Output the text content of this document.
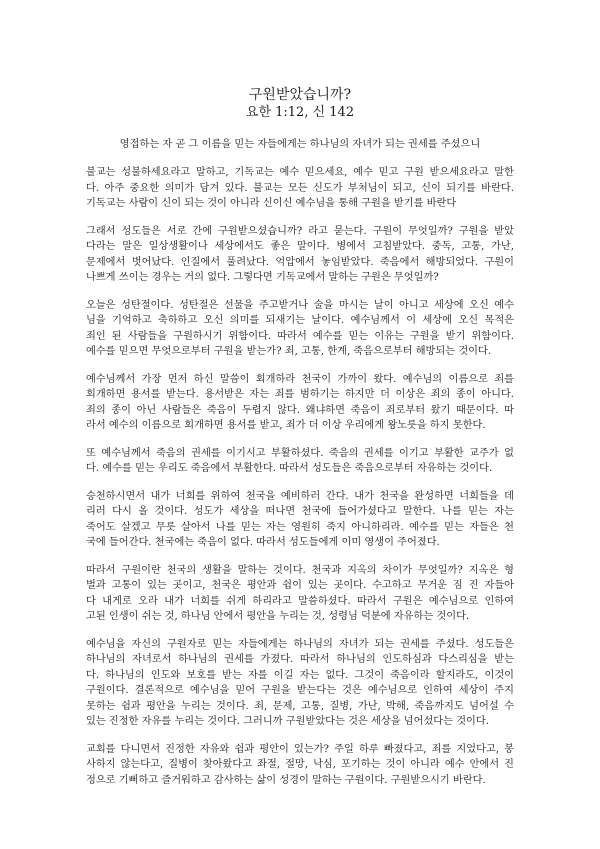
구원받았습니까?
요한 1:12, 신 142
영접하는 자 곧 그 이름을 믿는 자들에게는 하나님의 자녀가 되는 권세를 주셨으니
불교는 성불하세요라고 말하고, 기독교는 예수 믿으세요, 예수 믿고 구원 받으세요라고 말한
다. 아주 중요한 의미가 담겨 있다. 불교는 모든 신도가 부처님이 되고, 신이 되기를 바란다.
기독교는 사람이 신이 되는 것이 아니라 신이신 예수님을 통해 구원을 받기를 바란다
그래서 성도들은 서로 간에 구원받으셨습니까? 라고 묻는다. 구원이 무엇일까? 구원을 받았
다라는 말은 일상생활이나 세상에서도 좋은 말이다. 병에서 고침받았다. 중독, 고통, 가난,
문제에서 벗어났다. 인질에서 풀려났다. 억압에서 놓임받았다. 죽음에서 해방되었다. 구원이
나쁘게 쓰이는 경우는 거의 없다. 그렇다면 기독교에서 말하는 구원은 무엇일까?
오늘은 성탄절이다. 성탄절은 선물을 주고받거나 술을 마시는 날이 아니고 세상에 오신 예수
님을 기억하고 축하하고 오신 의미를 되새기는 날이다. 예수님께서 이 세상에 오신 목적은
죄인 된 사람들을 구원하시기 위함이다. 따라서 예수를 믿는 이유는 구원을 받기 위함이다.
예수를 믿으면 무엇으로부터 구원을 받는가? 죄, 고통, 한계, 죽음으로부터 해방되는 것이다.
예수님께서 가장 먼저 하신 말씀이 회개하라 천국이 가까이 왔다. 예수님의 이름으로 죄를
회개하면 용서를 받는다. 용서받은 자는 죄를 범하기는 하지만 더 이상은 죄의 종이 아니다.
죄의 종이 아닌 사람들은 죽음이 두렵지 않다. 왜냐하면 죽음이 죄로부터 왔기 때문이다. 따
라서 예수의 이름으로 회개하면 용서를 받고, 죄가 더 이상 우리에게 왕노릇을 하지 못한다.
또 예수님께서 죽음의 권세를 이기시고 부활하셨다. 죽음의 권세를 이기고 부활한 교주가 없
다. 예수를 믿는 우리도 죽음에서 부활한다. 따라서 성도들은 죽음으로부터 자유하는 것이다.
승천하시면서 내가 너희를 위하여 천국을 예비하러 간다. 내가 천국을 완성하면 너희들을 데
리러 다시 올 것이다. 성도가 세상을 떠나면 천국에 들어가셨다고 말한다. 나를 믿는 자는
죽어도 살겠고 무릇 살아서 나를 믿는 자는 영원히 죽지 아니하리라. 예수를 믿는 자들은 천
국에 들어간다. 천국에는 죽음이 없다. 따라서 성도들에게 이미 영생이 주어졌다.
따라서 구원이란 천국의 생활을 말하는 것이다. 천국과 지옥의 차이가 무엇일까? 지옥은 형
벌과 고통이 있는 곳이고, 천국은 평안과 쉼이 있는 곳이다. 수고하고 무거운 짐 진 자들아
다 내게로 오라 내가 너희를 쉬게 하리라고 말씀하셨다. 따라서 구원은 예수님으로 인하여
고된 인생이 쉬는 것, 하나님 안에서 평안을 누리는 것, 성령님 덕분에 자유하는 것이다.
예수님을 자신의 구원자로 믿는 자들에게는 하나님의 자녀가 되는 권세를 주셨다. 성도들은
하나님의 자녀로서 하나님의 권세를 가졌다. 따라서 하나님의 인도하심과 다스리심을 받는
다. 하나님의 인도와 보호를 받는 자를 이길 자는 없다. 그것이 죽음이라 할지라도, 이것이
구원이다. 결론적으로 예수님을 믿어 구원을 받는다는 것은 예수님으로 인하여 세상이 주지
못하는 쉼과 평안을 누리는 것이다. 죄, 문제, 고통, 질병, 가난, 박해, 죽음까지도 넘어설 수
있는 진정한 자유를 누리는 것이다. 그러니까 구원받았다는 것은 세상을 넘어섰다는 것이다.
교회를 다니면서 진정한 자유와 쉼과 평안이 있는가? 주일 하루 빠졌다고, 죄를 지었다고, 봉
사하지 않는다고, 질병이 찾아왔다고 좌절, 절망, 낙심, 포기하는 것이 아니라 예수 안에서 진
정으로 기뻐하고 즐거워하고 감사하는 삶이 성경이 말하는 구원이다. 구원받으시기 바란다.
